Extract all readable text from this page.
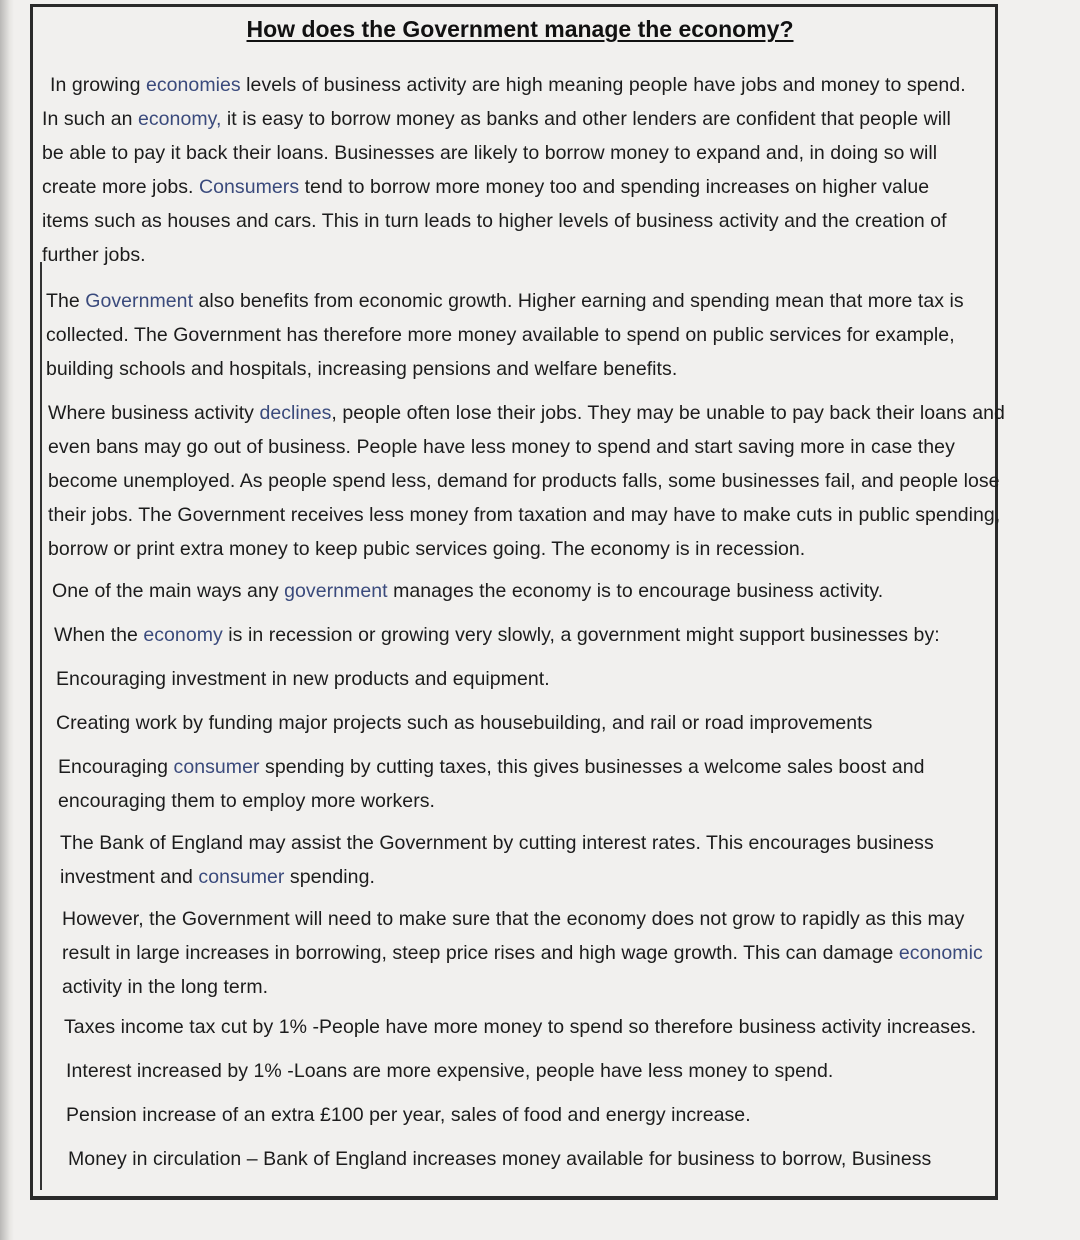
How does the Government manage the economy?

In growing economies levels of business activity are high meaning people have jobs and money to spend. In such an economy, it is easy to borrow money as banks and other lenders are confident that people will be able to pay it back their loans. Businesses are likely to borrow money to expand and, in doing so will create more jobs. Consumers tend to borrow more money too and spending increases on higher value items such as houses and cars. This in turn leads to higher levels of business activity and the creation of further jobs.

The Government also benefits from economic growth. Higher earning and spending mean that more tax is collected. The Government has therefore more money available to spend on public services for example, building schools and hospitals, increasing pensions and welfare benefits.

Where business activity declines, people often lose their jobs. They may be unable to pay back their loans and even bans may go out of business. People have less money to spend and start saving more in case they become unemployed. As people spend less, demand for products falls, some businesses fail, and people lose their jobs. The Government receives less money from taxation and may have to make cuts in public spending, borrow or print extra money to keep pubic services going. The economy is in recession.

One of the main ways any government manages the economy is to encourage business activity.

When the economy is in recession or growing very slowly, a government might support businesses by:

Encouraging investment in new products and equipment.

Creating work by funding major projects such as housebuilding, and rail or road improvements

Encouraging consumer spending by cutting taxes, this gives businesses a welcome sales boost and encouraging them to employ more workers.

The Bank of England may assist the Government by cutting interest rates. This encourages business investment and consumer spending.

However, the Government will need to make sure that the economy does not grow to rapidly as this may result in large increases in borrowing, steep price rises and high wage growth. This can damage economic activity in the long term.

Taxes income tax cut by 1% -People have more money to spend so therefore business activity increases.

Interest increased by 1% -Loans are more expensive, people have less money to spend.

Pension increase of an extra £100 per year, sales of food and energy increase.

Money in circulation – Bank of England increases money available for business to borrow, Business
